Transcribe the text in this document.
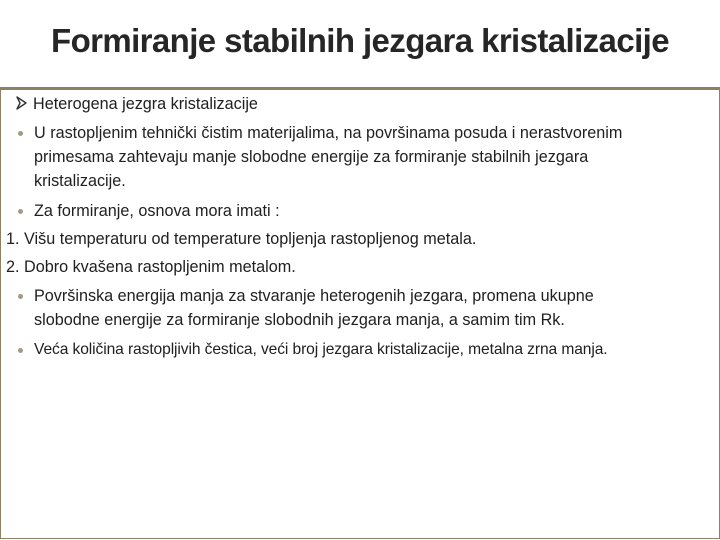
Formiranje stabilnih jezgara kristalizacije
Heterogena jezgra kristalizacije
U rastopljenim tehnički čistim materijalima, na površinama posuda i nerastvorenim
primesama zahtevaju manje slobodne energije za formiranje stabilnih jezgara
kristalizacije.
Za formiranje, osnova mora imati :
1. Višu temperaturu od temperature topljenja rastopljenog metala.
2. Dobro kvašena rastopljenim metalom.
Površinska energija manja za stvaranje heterogenih jezgara, promena ukupne
slobodne energije za formiranje slobodnih jezgara manja, a samim tim Rk.
Veća količina rastopljivih čestica, veći broj jezgara kristalizacije, metalna zrna manja.
